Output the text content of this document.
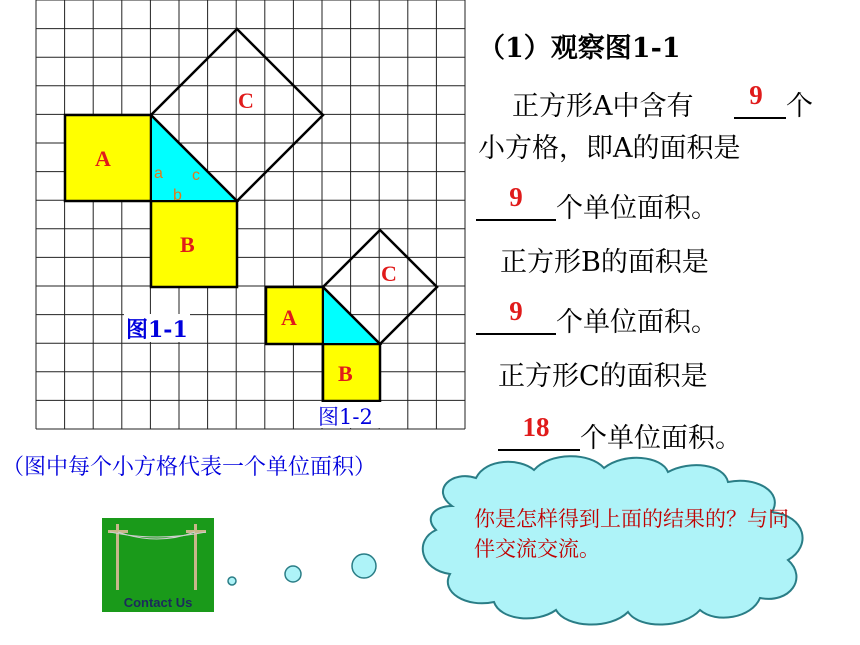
C
A
B
a c
b
C
A
B
图1-1
图1-2
（1）观察图1-1
正方形A中含有	9 个
小方格，即A的面积是
9	个单位面积。
正方形B的面积是
9	个单位面积。
正方形C的面积是
18	个单位面积。
（图中每个小方格代表一个单位面积）
你是怎样得到上面的结果的？与同伴交流交流。
Contact Us
